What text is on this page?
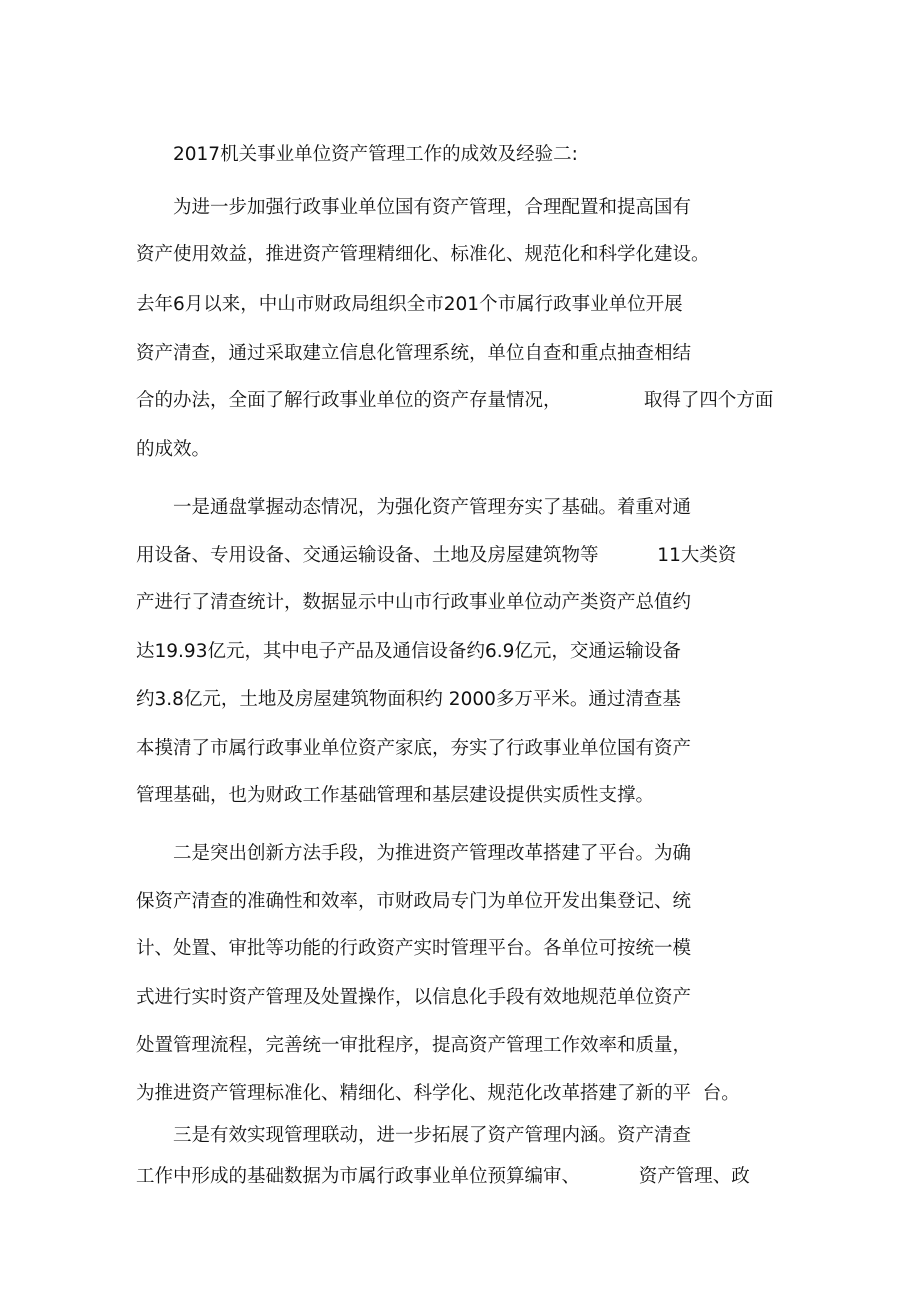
2017机关事业单位资产管理工作的成效及经验二:
为进一步加强行政事业单位国有资产管理，合理配置和提高国有
资产使用效益，推进资产管理精细化、标准化、规范化和科学化建设。
去年6月以来，中山市财政局组织全市201个市属行政事业单位开展
资产清查，通过采取建立信息化管理系统，单位自查和重点抽查相结
合的办法，全面了解行政事业单位的资产存量情况，              取得了四个方面
的成效。
一是通盘掌握动态情况，为强化资产管理夯实了基础。着重对通
用设备、专用设备、交通运输设备、土地及房屋建筑物等          11大类资
产进行了清查统计，数据显示中山市行政事业单位动产类资产总值约
达19.93亿元，其中电子产品及通信设备约6.9亿元，交通运输设备
约3.8亿元，土地及房屋建筑物面积约 2000多万平米。通过清查基
本摸清了市属行政事业单位资产家底，夯实了行政事业单位国有资产
管理基础，也为财政工作基础管理和基层建设提供实质性支撑。
二是突出创新方法手段，为推进资产管理改革搭建了平台。为确
保资产清查的准确性和效率，市财政局专门为单位开发出集登记、统
计、处置、审批等功能的行政资产实时管理平台。各单位可按统一模
式进行实时资产管理及处置操作，以信息化手段有效地规范单位资产
处置管理流程，完善统一审批程序，提高资产管理工作效率和质量，
为推进资产管理标准化、精细化、科学化、规范化改革搭建了新的平  台。
三是有效实现管理联动，进一步拓展了资产管理内涵。资产清查
工作中形成的基础数据为市属行政事业单位预算编审、          资产管理、政
